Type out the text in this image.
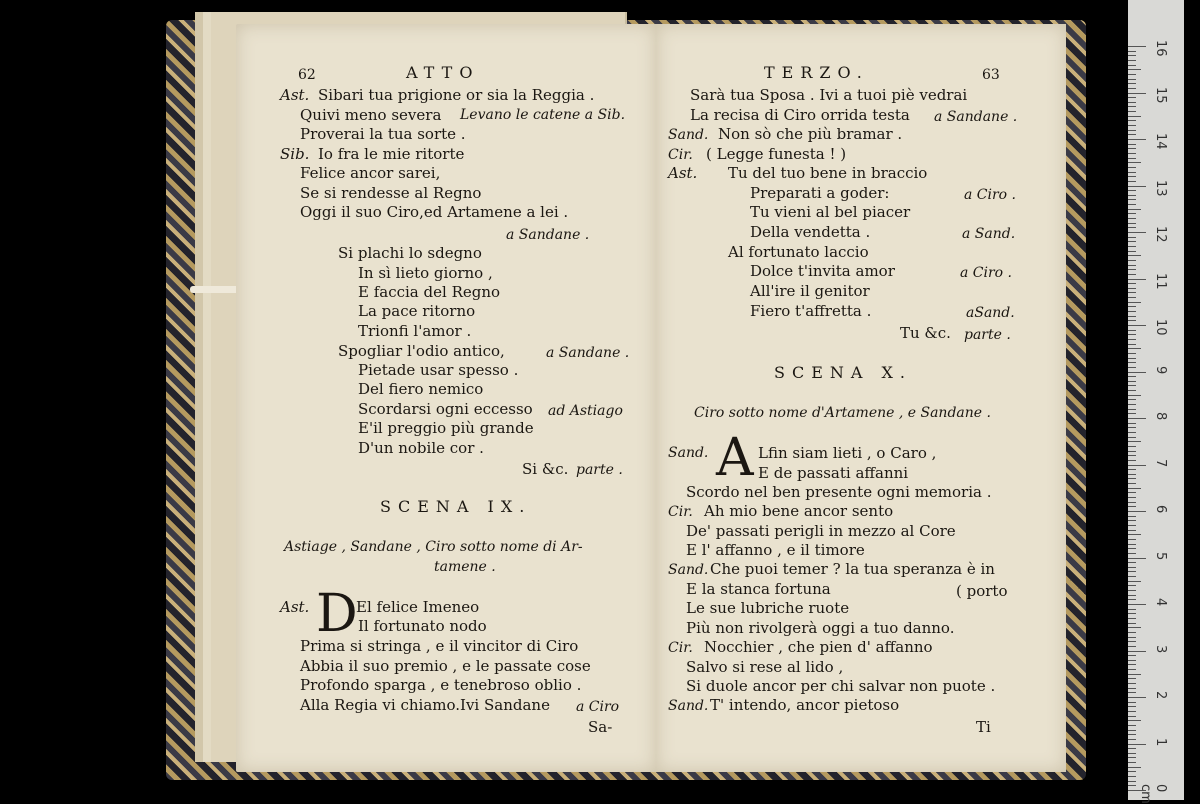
62	ATTO
Ast. Sibari tua prigione or sia la Reggia .
Quivi meno severa Levano le catene a Sib.
Proverai la tua sorte .
Sib. Io fra le mie ritorte
Felice ancor sarei,
Se si rendesse al Regno
Oggi il suo Ciro,ed Artamene a lei .
a Sandane .
Si plachi lo sdegno
In sì lieto giorno ,
E faccia del Regno
La pace ritorno
Trionfi l'amor .
Spogliar l'odio antico,	a Sandane .
Pietade usar spesso .
Del fiero nemico
Scordarsi ogni eccesso ad Astiago
E'il preggio più grande
D'un nobile cor .
Si &c. parte .
SCENA IX.
Astiage , Sandane , Ciro sotto nome di Ar-
tamene .
Ast. D
El felice Imeneo
Il fortunato nodo
Prima si stringa , e il vincitor di Ciro
Abbia il suo premio , e le passate cose
Profondo sparga , e tenebroso oblio .
Alla Regia vi chiamo.Ivi Sandane a Ciro
Sa-
TERZO.	63
Sarà tua Sposa . Ivi a tuoi piè vedrai
La recisa di Ciro orrida testa a Sandane .
Sand. Non sò che più bramar .
Cir. ( Legge funesta ! )
Ast. Tu del tuo bene in braccio
Preparati a goder:	a Ciro .
Tu vieni al bel piacer
Della vendetta .	a Sand.
Al fortunato laccio
Dolce t'invita amor	a Ciro .
All'ire il genitor
Fiero t'affretta .	aSand.
Tu &c. parte .
SCENA X.
Ciro sotto nome d'Artamene , e Sandane .
Sand. A Lfin siam lieti , o Caro ,
E de passati affanni
Scordo nel ben presente ogni memoria .
Cir. Ah mio bene ancor sento
De' passati perigli in mezzo al Core
E l' affanno , e il timore
Sand. Che puoi temer ? la tua speranza è in
E la stanca fortuna	( porto
Le sue lubriche ruote
Più non rivolgerà oggi a tuo danno.
Cir. Nocchier , che pien d' affanno
Salvo si rese al lido ,
Si duole ancor per chi salvar non puote .
Sand. T' intendo, ancor pietoso
Ti
0 cm
1
2
3
4
5
6
7
8
9
10
11
12
13
14
15
16
